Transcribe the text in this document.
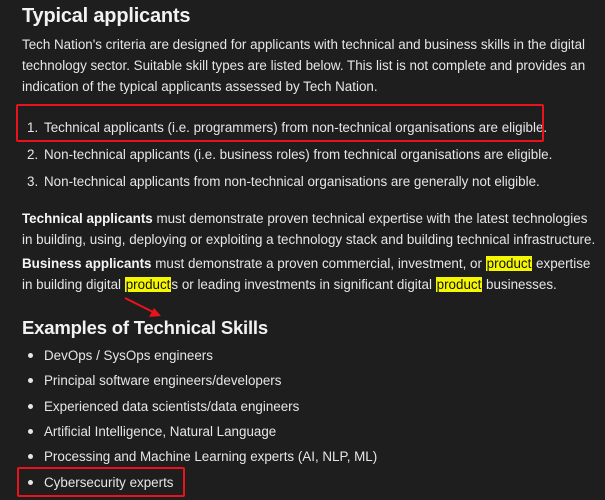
Typical applicants
Tech Nation's criteria are designed for applicants with technical and business skills in the digital technology sector. Suitable skill types are listed below. This list is not complete and provides an indication of the typical applicants assessed by Tech Nation.
1. Technical applicants (i.e. programmers) from non-technical organisations are eligible.
2. Non-technical applicants (i.e. business roles) from technical organisations are eligible.
3. Non-technical applicants from non-technical organisations are generally not eligible.
Technical applicants must demonstrate proven technical expertise with the latest technologies in building, using, deploying or exploiting a technology stack and building technical infrastructure.
Business applicants must demonstrate a proven commercial, investment, or product expertise in building digital products or leading investments in significant digital product businesses.
Examples of Technical Skills
DevOps / SysOps engineers
Principal software engineers/developers
Experienced data scientists/data engineers
Artificial Intelligence, Natural Language
Processing and Machine Learning experts (AI, NLP, ML)
Cybersecurity experts
